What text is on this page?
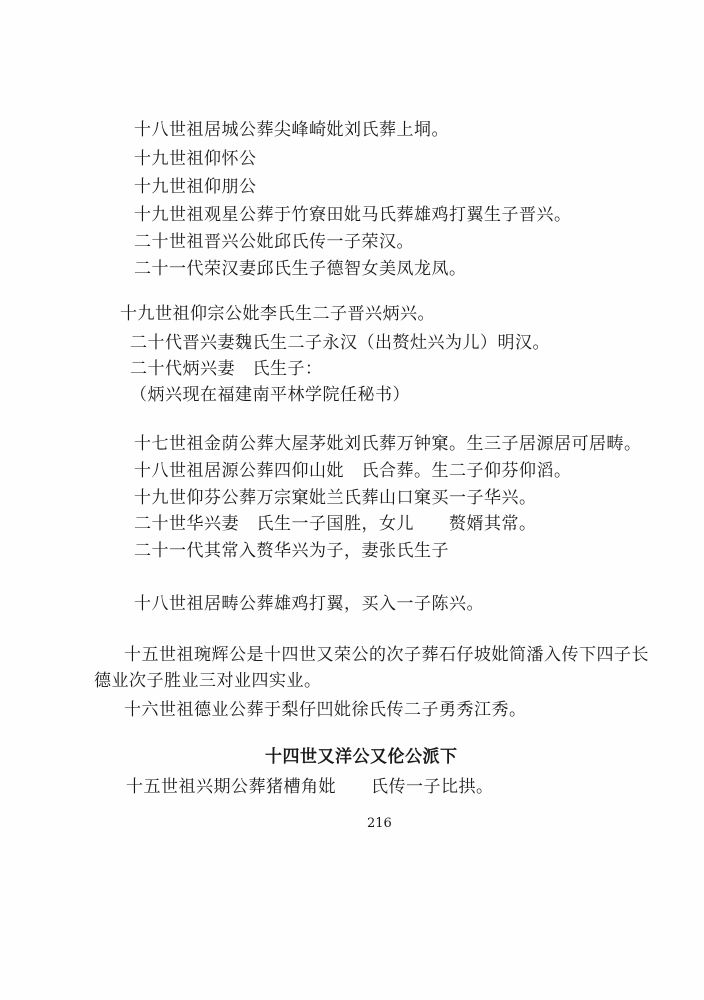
十八世祖居城公葬尖峰崎妣刘氏葬上垌。
十九世祖仰怀公
十九世祖仰朋公
十九世祖观星公葬于竹寮田妣马氏葬雄鸡打翼生子晋兴。
二十世祖晋兴公妣邱氏传一子荣汉。
二十一代荣汉妻邱氏生子德智女美凤龙凤。
十九世祖仰宗公妣李氏生二子晋兴炳兴。
二十代晋兴妻魏氏生二子永汉（出赘灶兴为儿）明汉。
二十代炳兴妻　氏生子：
（炳兴现在福建南平林学院任秘书）
十七世祖金荫公葬大屋茅妣刘氏葬万钟窠。生三子居源居可居畴。
十八世祖居源公葬四仰山妣　氏合葬。生二子仰芬仰滔。
十九世仰芬公葬万宗窠妣兰氏葬山口窠买一子华兴。
二十世华兴妻　氏生一子国胜，女儿　　赘婿其常。
二十一代其常入赘华兴为子，妻张氏生子
十八世祖居畴公葬雄鸡打翼，买入一子陈兴。
十五世祖琬辉公是十四世又荣公的次子葬石仔坡妣简潘入传下四子长
德业次子胜业三对业四实业。
十六世祖德业公葬于梨仔凹妣徐氏传二子勇秀江秀。
十四世又洋公又伦公派下
十五世祖兴期公葬猪槽角妣　　氏传一子比拱。
216
